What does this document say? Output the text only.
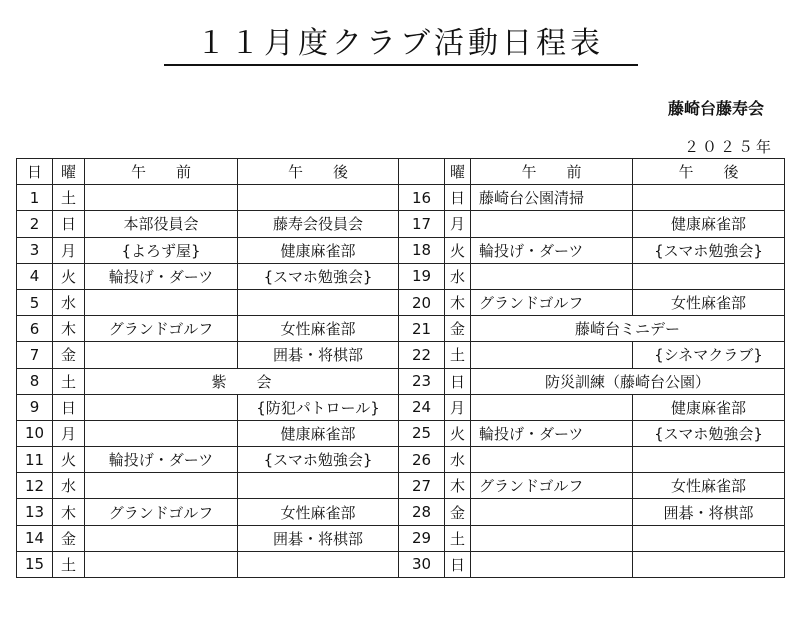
１１月度クラブ活動日程表
藤崎台藤寿会
２０２５年
日	曜	午　　前	午　　後		曜	午　　前	午　　後
1	土			16	日	藤崎台公園清掃	
2	日	本部役員会	藤寿会役員会	17	月		健康麻雀部
3	月	{よろず屋}	健康麻雀部	18	火	輪投げ・ダーツ	{スマホ勉強会}
4	火	輪投げ・ダーツ	{スマホ勉強会}	19	水		
5	水			20	木	グランドゴルフ	女性麻雀部
6	木	グランドゴルフ	女性麻雀部	21	金	藤崎台ミニデー	
7	金		囲碁・将棋部	22	土		{シネマクラブ}
8	土	紫　　会		23	日	防災訓練（藤崎台公園）	
9	日		{防犯パトロール}	24	月		健康麻雀部
10	月		健康麻雀部	25	火	輪投げ・ダーツ	{スマホ勉強会}
11	火	輪投げ・ダーツ	{スマホ勉強会}	26	水		
12	水			27	木	グランドゴルフ	女性麻雀部
13	木	グランドゴルフ	女性麻雀部	28	金		囲碁・将棋部
14	金		囲碁・将棋部	29	土		
15	土			30	日		
